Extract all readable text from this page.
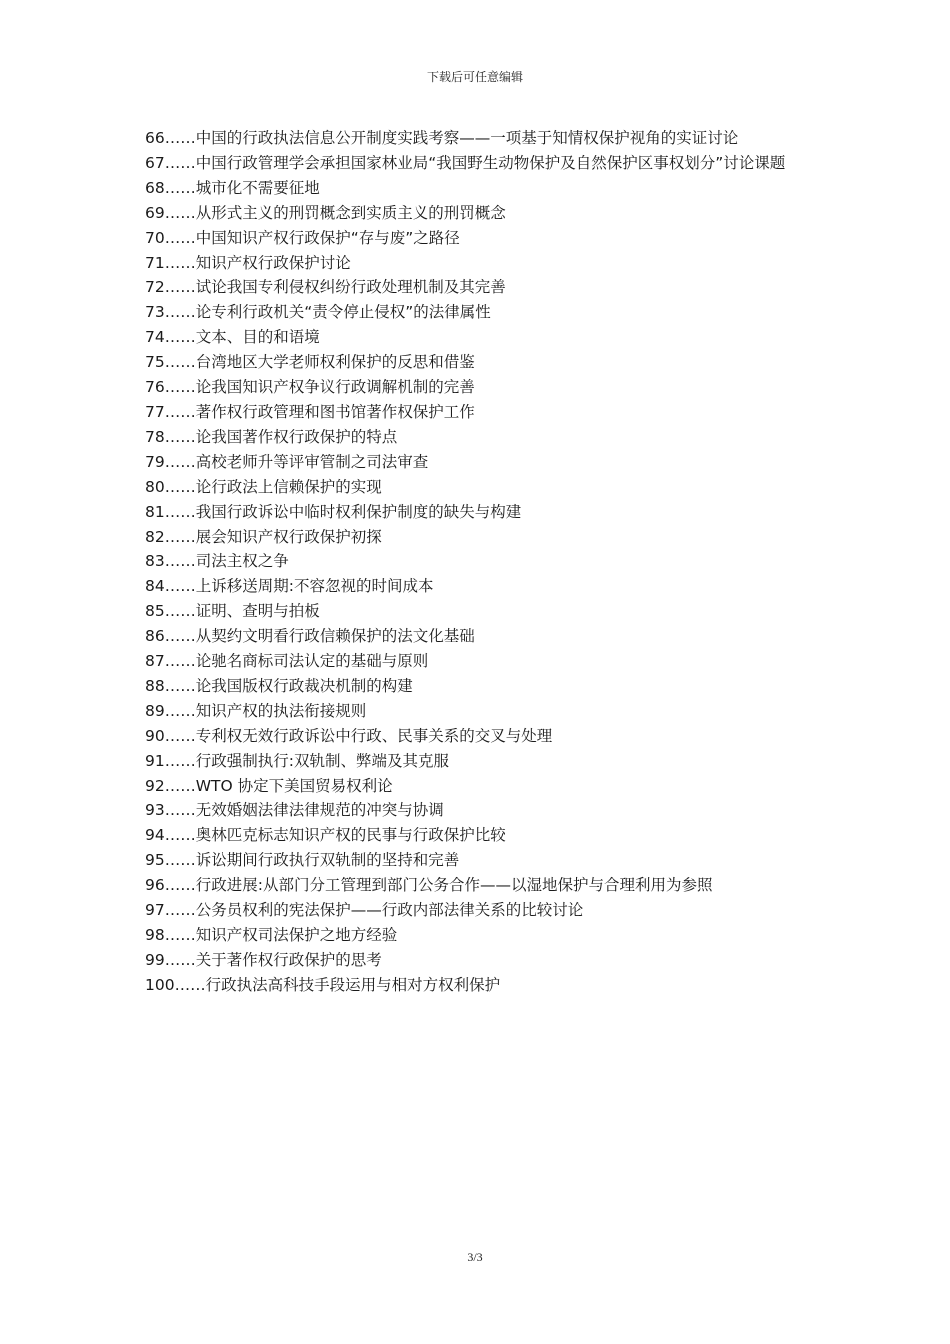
下载后可任意编辑
66……中国的行政执法信息公开制度实践考察——一项基于知情权保护视角的实证讨论
67……中国行政管理学会承担国家林业局“我国野生动物保护及自然保护区事权划分”讨论课题
68……城市化不需要征地
69……从形式主义的刑罚概念到实质主义的刑罚概念
70……中国知识产权行政保护“存与废”之路径
71……知识产权行政保护讨论
72……试论我国专利侵权纠纷行政处理机制及其完善
73……论专利行政机关“责令停止侵权”的法律属性
74……文本、目的和语境
75……台湾地区大学老师权利保护的反思和借鉴
76……论我国知识产权争议行政调解机制的完善
77……著作权行政管理和图书馆著作权保护工作
78……论我国著作权行政保护的特点
79……高校老师升等评审管制之司法审查
80……论行政法上信赖保护的实现
81……我国行政诉讼中临时权利保护制度的缺失与构建
82……展会知识产权行政保护初探
83……司法主权之争
84……上诉移送周期:不容忽视的时间成本
85……证明、查明与拍板
86……从契约文明看行政信赖保护的法文化基础
87……论驰名商标司法认定的基础与原则
88……论我国版权行政裁决机制的构建
89……知识产权的执法衔接规则
90……专利权无效行政诉讼中行政、民事关系的交叉与处理
91……行政强制执行:双轨制、弊端及其克服
92……WTO 协定下美国贸易权利论
93……无效婚姻法律法律规范的冲突与协调
94……奥林匹克标志知识产权的民事与行政保护比较
95……诉讼期间行政执行双轨制的坚持和完善
96……行政进展:从部门分工管理到部门公务合作——以湿地保护与合理利用为参照
97……公务员权利的宪法保护——行政内部法律关系的比较讨论
98……知识产权司法保护之地方经验
99……关于著作权行政保护的思考
100……行政执法高科技手段运用与相对方权利保护
3/3
